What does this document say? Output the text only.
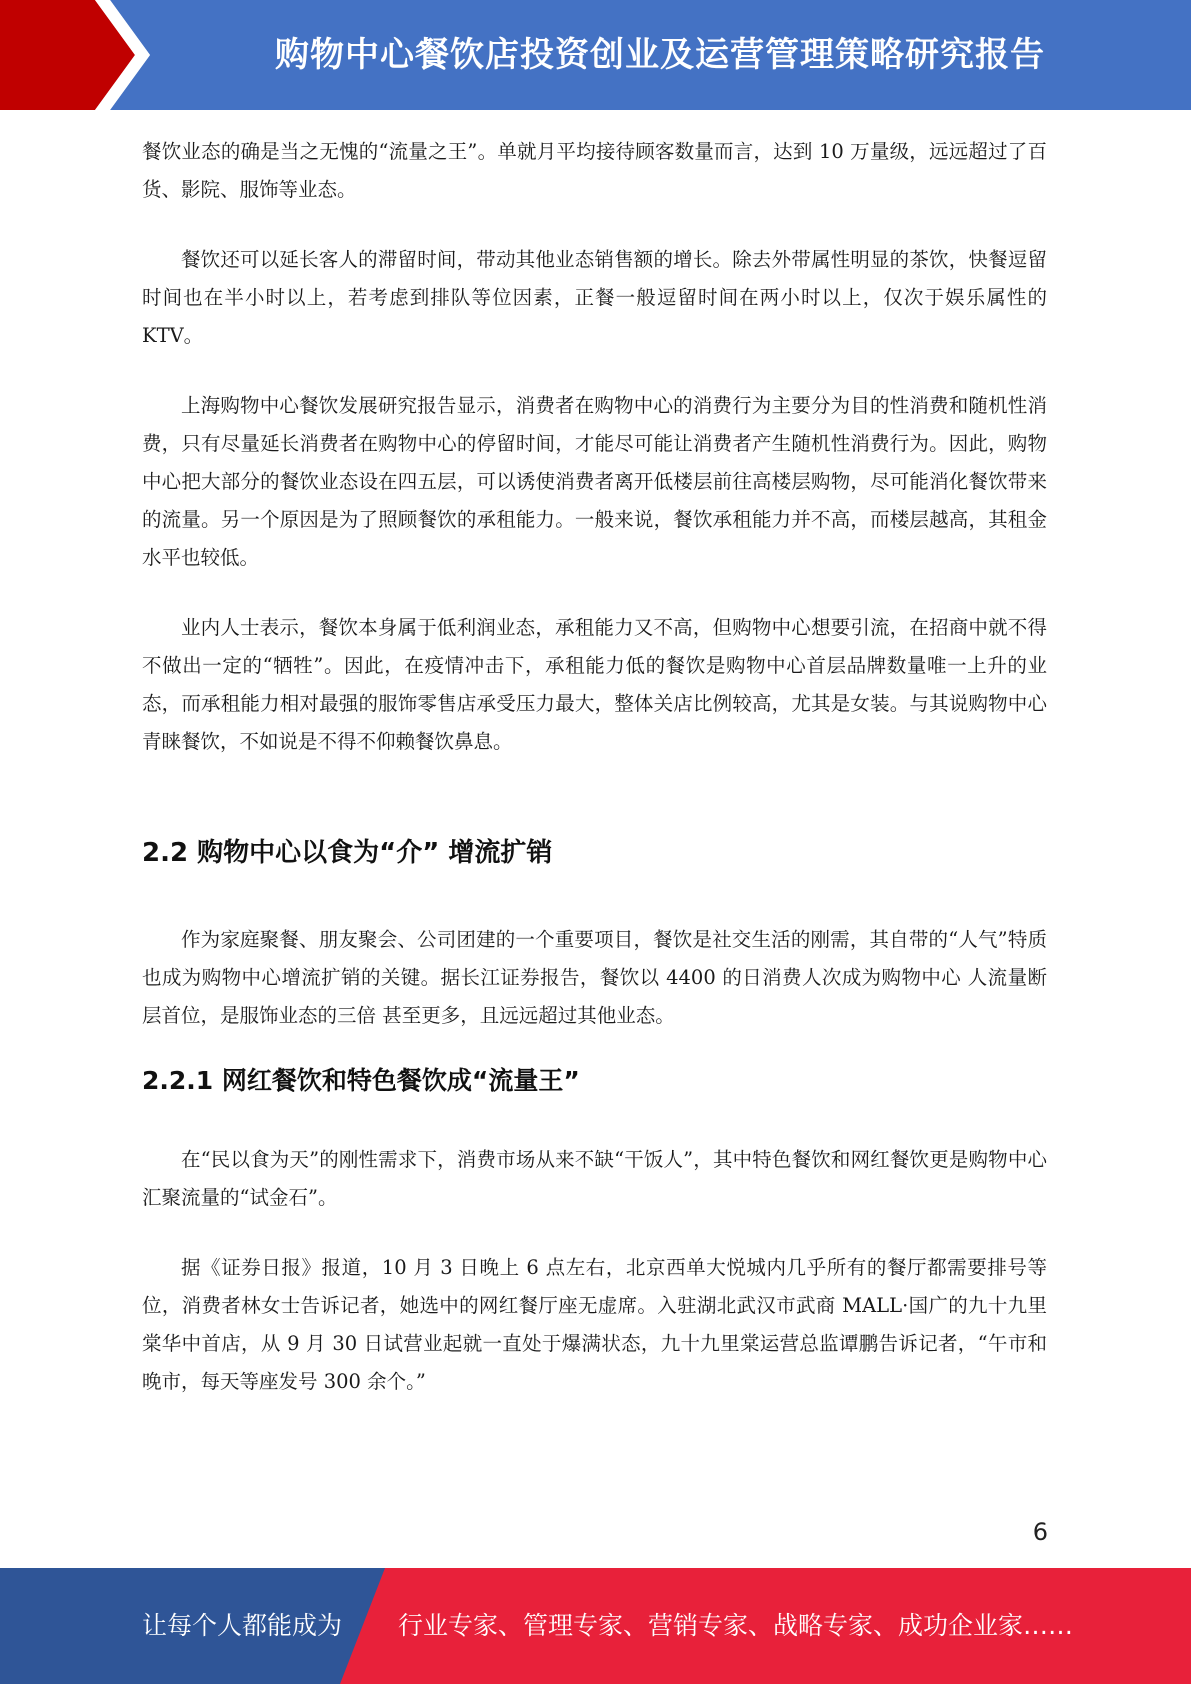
购物中心餐饮店投资创业及运营管理策略研究报告

餐饮业态的确是当之无愧的“流量之王”。单就月平均接待顾客数量而言，达到 10 万量级，远远超过了百货、影院、服饰等业态。

餐饮还可以延长客人的滞留时间，带动其他业态销售额的增长。除去外带属性明显的茶饮，快餐逗留时间也在半小时以上，若考虑到排队等位因素，正餐一般逗留时间在两小时以上，仅次于娱乐属性的 KTV。

上海购物中心餐饮发展研究报告显示，消费者在购物中心的消费行为主要分为目的性消费和随机性消费，只有尽量延长消费者在购物中心的停留时间，才能尽可能让消费者产生随机性消费行为。因此，购物中心把大部分的餐饮业态设在四五层，可以诱使消费者离开低楼层前往高楼层购物，尽可能消化餐饮带来的流量。另一个原因是为了照顾餐饮的承租能力。一般来说，餐饮承租能力并不高，而楼层越高，其租金水平也较低。

业内人士表示，餐饮本身属于低利润业态，承租能力又不高，但购物中心想要引流，在招商中就不得不做出一定的“牺牲”。因此，在疫情冲击下，承租能力低的餐饮是购物中心首层品牌数量唯一上升的业态，而承租能力相对最强的服饰零售店承受压力最大，整体关店比例较高，尤其是女装。与其说购物中心青睐餐饮，不如说是不得不仰赖餐饮鼻息。

2.2 购物中心以食为“介” 增流扩销

作为家庭聚餐、朋友聚会、公司团建的一个重要项目，餐饮是社交生活的刚需，其自带的“人气”特质也成为购物中心增流扩销的关键。据长江证券报告，餐饮以 4400 的日消费人次成为购物中心 人流量断层首位，是服饰业态的三倍 甚至更多，且远远超过其他业态。

2.2.1 网红餐饮和特色餐饮成“流量王”

在“民以食为天”的刚性需求下，消费市场从来不缺“干饭人”，其中特色餐饮和网红餐饮更是购物中心汇聚流量的“试金石”。

据《证券日报》报道，10 月 3 日晚上 6 点左右，北京西单大悦城内几乎所有的餐厅都需要排号等位，消费者林女士告诉记者，她选中的网红餐厅座无虚席。入驻湖北武汉市武商 MALL·国广的九十九里棠华中首店，从 9 月 30 日试营业起就一直处于爆满状态，九十九里棠运营总监谭鹏告诉记者，“午市和晚市，每天等座发号 300 余个。”

6
让每个人都能成为 行业专家、管理专家、营销专家、战略专家、成功企业家……
